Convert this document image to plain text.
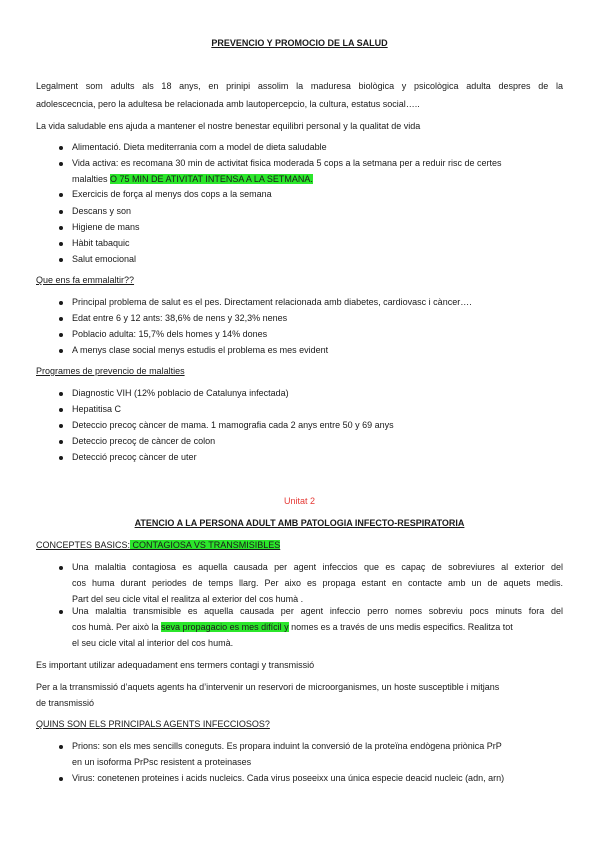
PREVENCIO Y PROMOCIO DE LA SALUD
Legalment som adults als 18 anys, en prinipi assolim la maduresa biològica y psicològica adulta despres de la
adolescecncia, pero la adultesa be relacionada amb lautopercepcio, la cultura, estatus social…..
La vida saludable ens ajuda a mantener el nostre benestar equilibri personal y la qualitat de vida
Alimentació. Dieta mediterrania com a model de dieta saludable
Vida activa: es recomana 30 min de activitat fisica moderada 5 cops a la setmana per a reduir risc de certes
malalties O 75 MIN DE ATIVITAT INTENSA A LA SETMANA.
Exercicis de força al menys dos cops a la semana
Descans y son
Higiene de mans
Hàbit tabaquic
Salut emocional
Que ens fa emmalaltir??
Principal problema de salut es el pes. Directament relacionada amb diabetes, cardiovasc i càncer….
Edat entre 6 y 12 ants: 38,6% de nens y 32,3% nenes
Poblacio adulta: 15,7% dels homes y 14% dones
A menys clase social menys estudis el problema es mes evident
Programes de prevencio de malalties
Diagnostic VIH (12% poblacio de Catalunya infectada)
Hepatitisa C
Deteccio precoç càncer de mama. 1 mamografia cada 2 anys entre 50 y 69 anys
Deteccio precoç de càncer de colon
Detecció precoç càncer de uter
Unitat 2
ATENCIO A LA PERSONA ADULT AMB PATOLOGIA INFECTO-RESPIRATORIA
CONCEPTES BASICS: CONTAGIOSA VS TRANSMISIBLES
Una malaltia contagiosa es aquella causada per agent infeccios que es capaç de sobreviures al exterior del
cos huma durant periodes de temps llarg. Per aixo es propaga estant en contacte amb un de aquets medis.
Part del seu cicle vital el realitza al exterior del cos humà .
Una malaltia transmisible es aquella causada per agent infeccio perro nomes sobreviu pocs minuts fora del
cos humà. Per això la seva propagacio es mes difícil y nomes es a través de uns medis especifics. Realitza tot
el seu cicle vital al interior del cos humà.
Es important utilizar adequadament ens termers contagi y transmissió
Per a la trransmissió d’aquets agents ha d’intervenir un reservori de microorganismes, un hoste susceptible i mitjans
de transmissió
QUINS SON ELS PRINCIPALS AGENTS INFECCIOSOS?
Prions: son els mes sencills coneguts. Es propara induint la conversió de la proteïna endògena priònica PrP
en un isoforma PrPsc resistent a proteinases
Virus: conetenen proteines i acids nucleics. Cada virus poseeixx una única especie deacid nucleic (adn, arn)
